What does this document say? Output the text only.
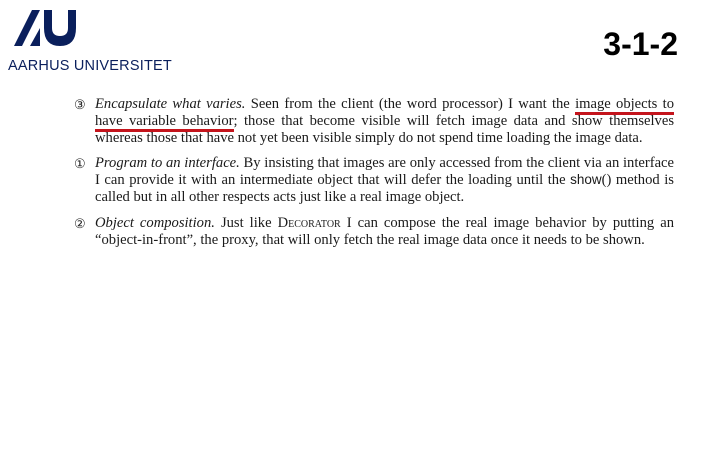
AARHUS UNIVERSITET
3-1-2
③ Encapsulate what varies. Seen from the client (the word processor) I want the image objects to have variable behavior; those that become visible will fetch image data and show themselves whereas those that have not yet been visible simply do not spend time loading the image data.
① Program to an interface. By insisting that images are only accessed from the client via an interface I can provide it with an intermediate object that will defer the loading until the show() method is called but in all other respects acts just like a real image object.
② Object composition. Just like Decorator I can compose the real image behavior by putting an “object-in-front”, the proxy, that will only fetch the real image data once it needs to be shown.
